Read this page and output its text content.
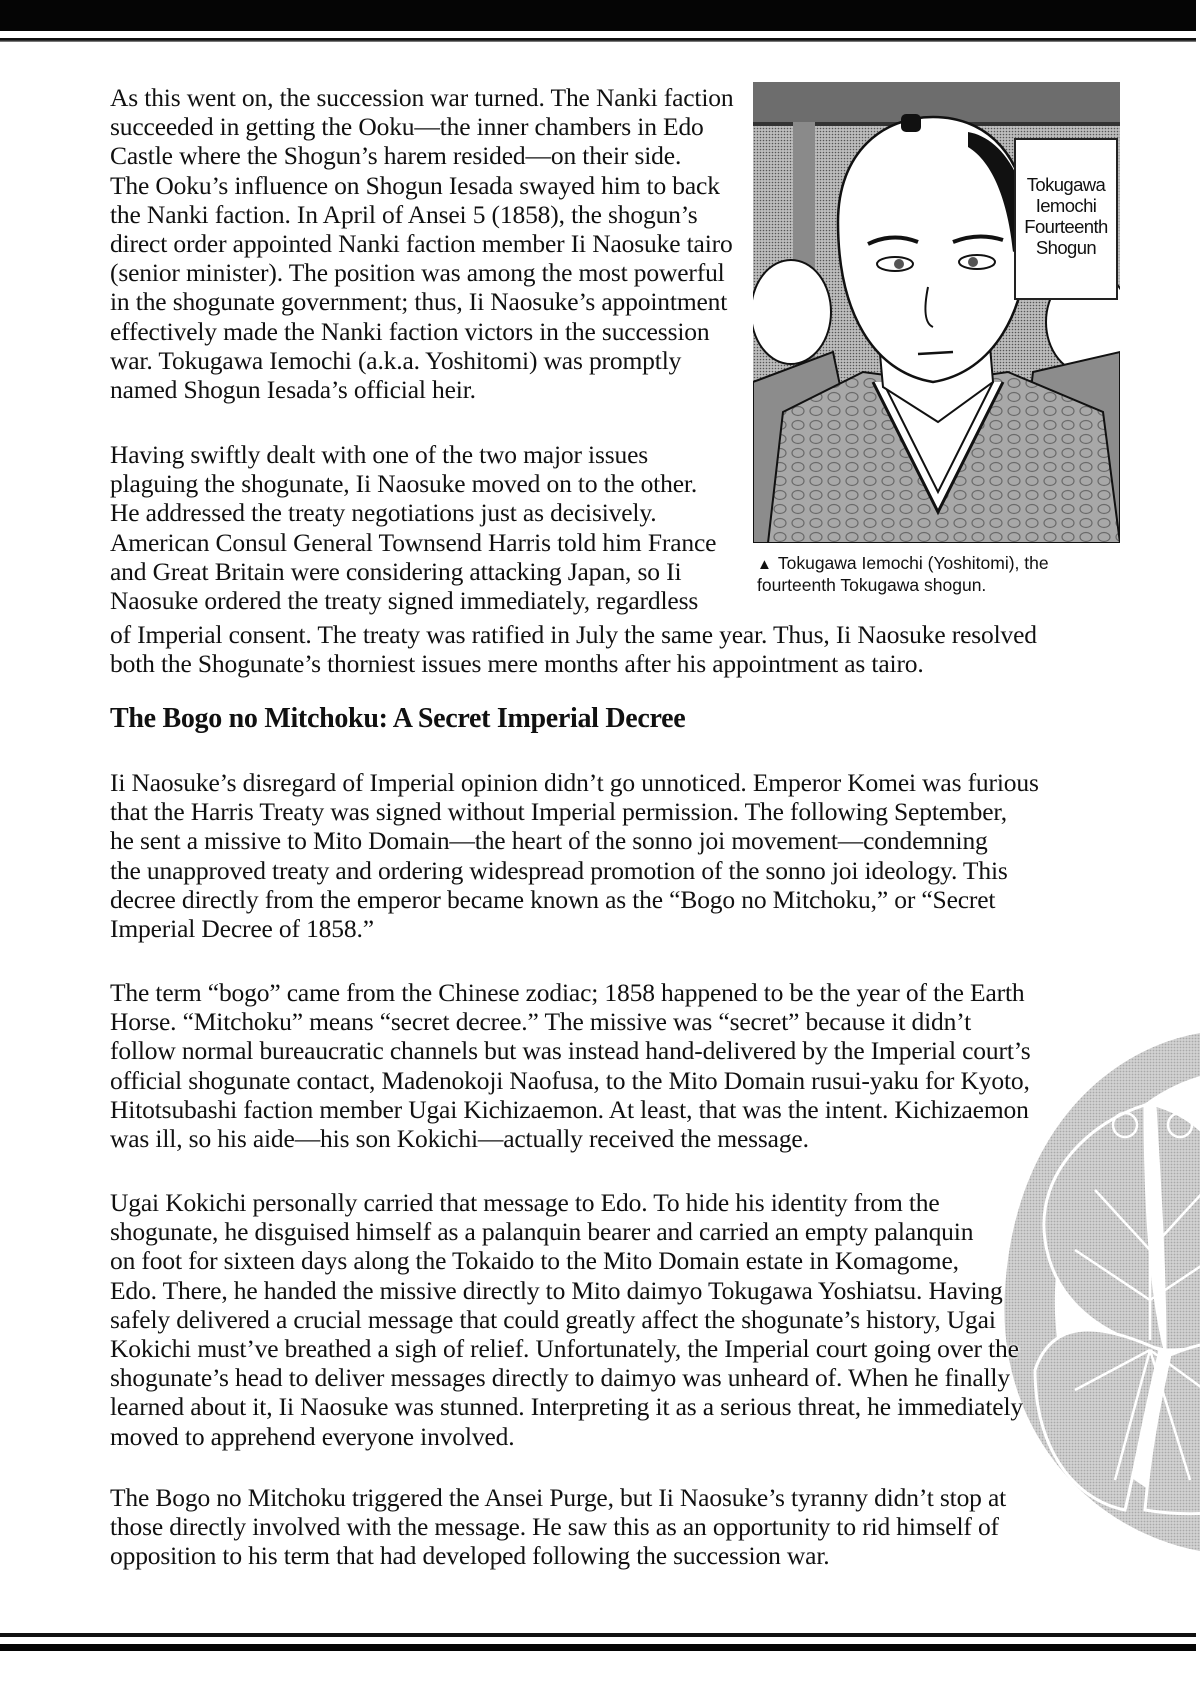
As this went on, the succession war turned. The Nanki faction
succeeded in getting the Ooku—the inner chambers in Edo
Castle where the Shogun’s harem resided—on their side.
The Ooku’s influence on Shogun Iesada swayed him to back
the Nanki faction. In April of Ansei 5 (1858), the shogun’s
direct order appointed Nanki faction member Ii Naosuke tairo
(senior minister). The position was among the most powerful
in the shogunate government; thus, Ii Naosuke’s appointment
effectively made the Nanki faction victors in the succession
war. Tokugawa Iemochi (a.k.a. Yoshitomi) was promptly
named Shogun Iesada’s official heir.

Having swiftly dealt with one of the two major issues
plaguing the shogunate, Ii Naosuke moved on to the other.
He addressed the treaty negotiations just as decisively.
American Consul General Townsend Harris told him France
and Great Britain were considering attacking Japan, so Ii
Naosuke ordered the treaty signed immediately, regardless

of Imperial consent. The treaty was ratified in July the same year. Thus, Ii Naosuke resolved
both the Shogunate’s thorniest issues mere months after his appointment as tairo.

Tokugawa
Iemochi
Fourteenth
Shogun
▲ Tokugawa Iemochi (Yoshitomi), the
fourteenth Tokugawa shogun.
The Bogo no Mitchoku: A Secret Imperial Decree

Ii Naosuke’s disregard of Imperial opinion didn’t go unnoticed. Emperor Komei was furious
that the Harris Treaty was signed without Imperial permission. The following September,
he sent a missive to Mito Domain—the heart of the sonno joi movement—condemning
the unapproved treaty and ordering widespread promotion of the sonno joi ideology. This
decree directly from the emperor became known as the “Bogo no Mitchoku,” or “Secret
Imperial Decree of 1858.”

The term “bogo” came from the Chinese zodiac; 1858 happened to be the year of the Earth
Horse. “Mitchoku” means “secret decree.” The missive was “secret” because it didn’t
follow normal bureaucratic channels but was instead hand-delivered by the Imperial court’s
official shogunate contact, Madenokoji Naofusa, to the Mito Domain rusui-yaku for Kyoto,
Hitotsubashi faction member Ugai Kichizaemon. At least, that was the intent. Kichizaemon
was ill, so his aide—his son Kokichi—actually received the message.

Ugai Kokichi personally carried that message to Edo. To hide his identity from the
shogunate, he disguised himself as a palanquin bearer and carried an empty palanquin
on foot for sixteen days along the Tokaido to the Mito Domain estate in Komagome,
Edo. There, he handed the missive directly to Mito daimyo Tokugawa Yoshiatsu. Having
safely delivered a crucial message that could greatly affect the shogunate’s history, Ugai
Kokichi must’ve breathed a sigh of relief. Unfortunately, the Imperial court going over the
shogunate’s head to deliver messages directly to daimyo was unheard of. When he finally
learned about it, Ii Naosuke was stunned. Interpreting it as a serious threat, he immediately
moved to apprehend everyone involved.

The Bogo no Mitchoku triggered the Ansei Purge, but Ii Naosuke’s tyranny didn’t stop at
those directly involved with the message. He saw this as an opportunity to rid himself of
opposition to his term that had developed following the succession war.
